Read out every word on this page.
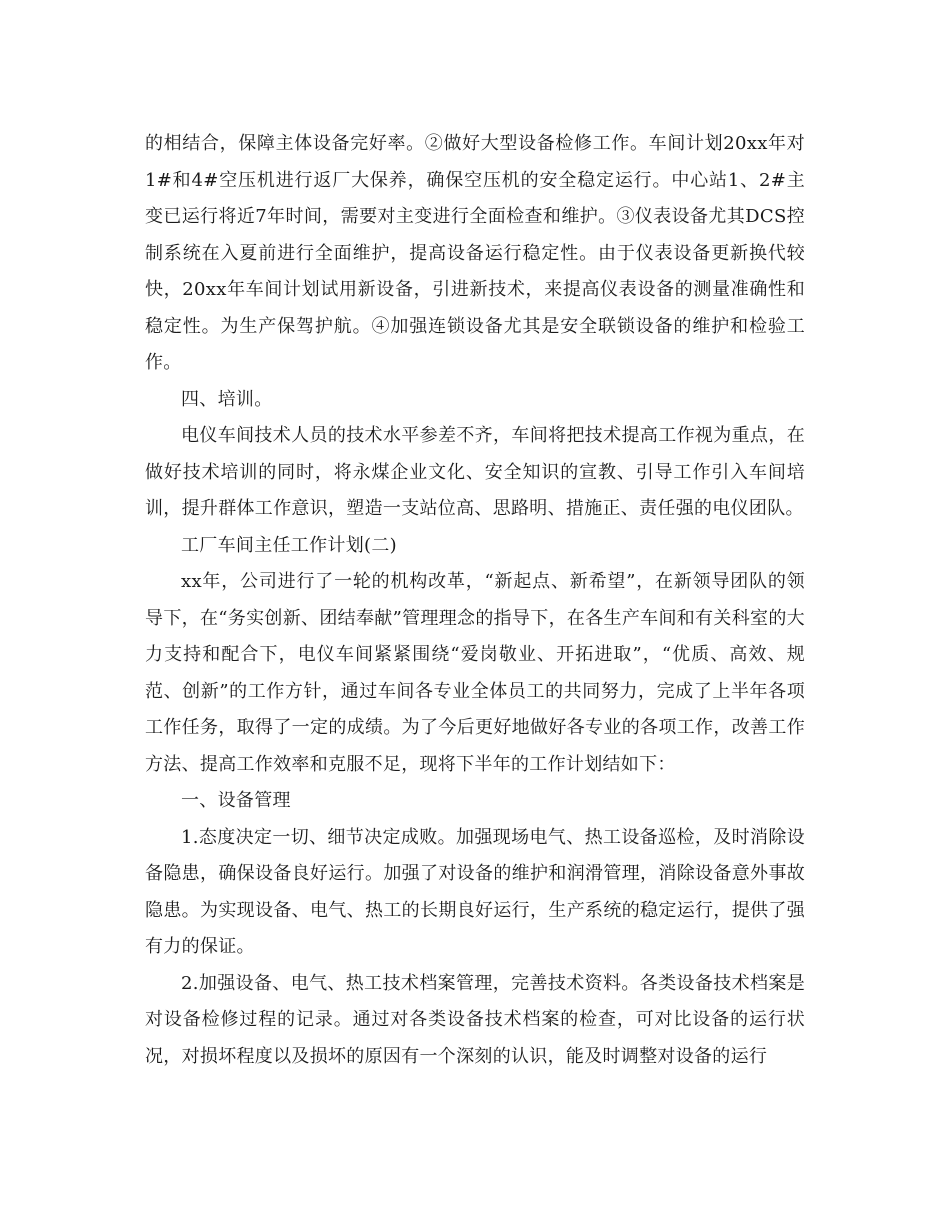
的相结合，保障主体设备完好率。②做好大型设备检修工作。车间计划20xx年对1#和4#空压机进行返厂大保养，确保空压机的安全稳定运行。中心站1、2#主变已运行将近7年时间，需要对主变进行全面检查和维护。③仪表设备尤其DCS控制系统在入夏前进行全面维护，提高设备运行稳定性。由于仪表设备更新换代较快，20xx年车间计划试用新设备，引进新技术，来提高仪表设备的测量准确性和稳定性。为生产保驾护航。④加强连锁设备尤其是安全联锁设备的维护和检验工作。

四、培训。

电仪车间技术人员的技术水平参差不齐，车间将把技术提高工作视为重点，在做好技术培训的同时，将永煤企业文化、安全知识的宣教、引导工作引入车间培训，提升群体工作意识，塑造一支站位高、思路明、措施正、责任强的电仪团队。

工厂车间主任工作计划(二)

xx年，公司进行了一轮的机构改革，“新起点、新希望”，在新领导团队的领导下，在“务实创新、团结奉献”管理理念的指导下，在各生产车间和有关科室的大力支持和配合下，电仪车间紧紧围绕“爱岗敬业、开拓进取”，“优质、高效、规范、创新”的工作方针，通过车间各专业全体员工的共同努力，完成了上半年各项工作任务，取得了一定的成绩。为了今后更好地做好各专业的各项工作，改善工作方法、提高工作效率和克服不足，现将下半年的工作计划结如下：

一、设备管理

1.态度决定一切、细节决定成败。加强现场电气、热工设备巡检，及时消除设备隐患，确保设备良好运行。加强了对设备的维护和润滑管理，消除设备意外事故隐患。为实现设备、电气、热工的长期良好运行，生产系统的稳定运行，提供了强有力的保证。

2.加强设备、电气、热工技术档案管理，完善技术资料。各类设备技术档案是对设备检修过程的记录。通过对各类设备技术档案的检查，可对比设备的运行状况，对损坏程度以及损坏的原因有一个深刻的认识，能及时调整对设备的运行
